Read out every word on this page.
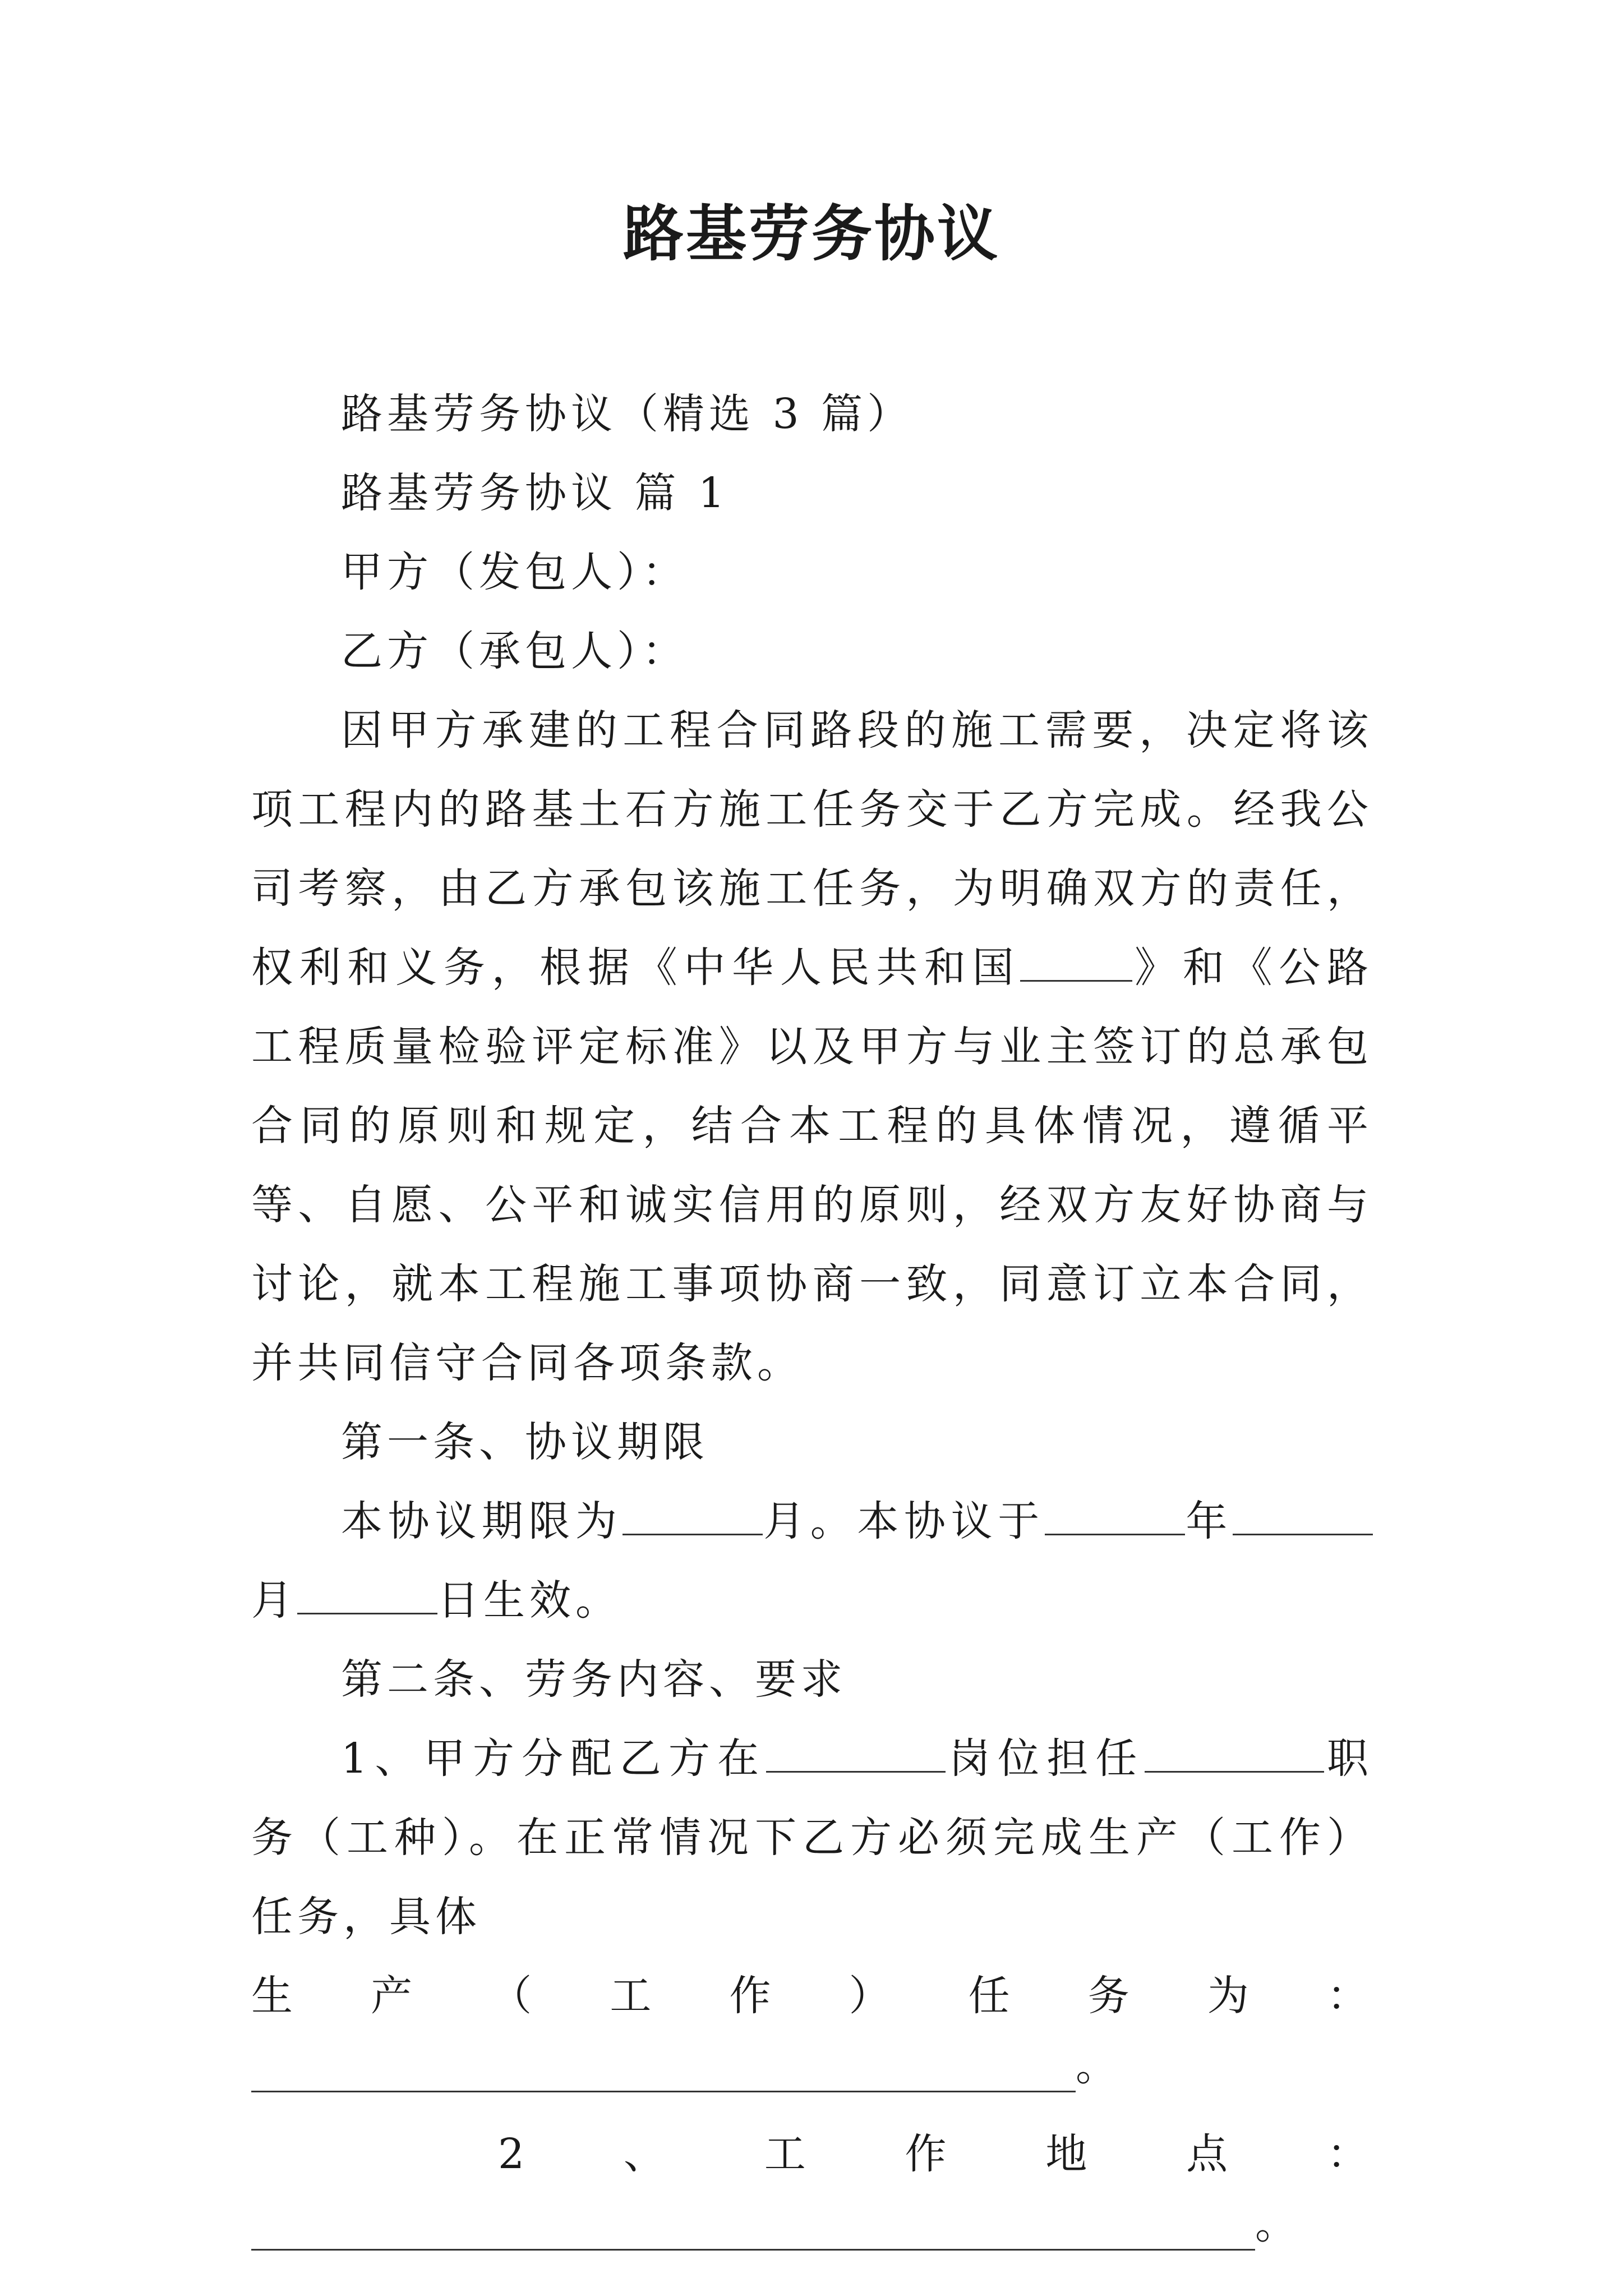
路基劳务协议

路基劳务协议（精选 3 篇）

路基劳务协议 篇 1

甲方（发包人）：

乙方（承包人）：

因甲方承建的工程合同路段的施工需要，决定将该项工程内的路基土石方施工任务交于乙方完成。经我公司考察，由乙方承包该施工任务，为明确双方的责任，权利和义务，根据《中华人民共和国	》和《公路工程质量检验评定标准》以及甲方与业主签订的总承包合同的原则和规定，结合本工程的具体情况，遵循平等、自愿、公平和诚实信用的原则，经双方友好协商与讨论，就本工程施工事项协商一致，同意订立本合同，并共同信守合同各项条款。

第一条、协议期限

本协议期限为	月。本协议于	年月	日生效。

第二条、劳务内容、要求

1、甲方分配乙方在	岗位担任	职务（工种）。在正常情况下乙方必须完成生产（工作）任务，具体

生 产 （ 工 作 ） 任 务 为 ：
。
2 、 工 作 地 点 ：
。
